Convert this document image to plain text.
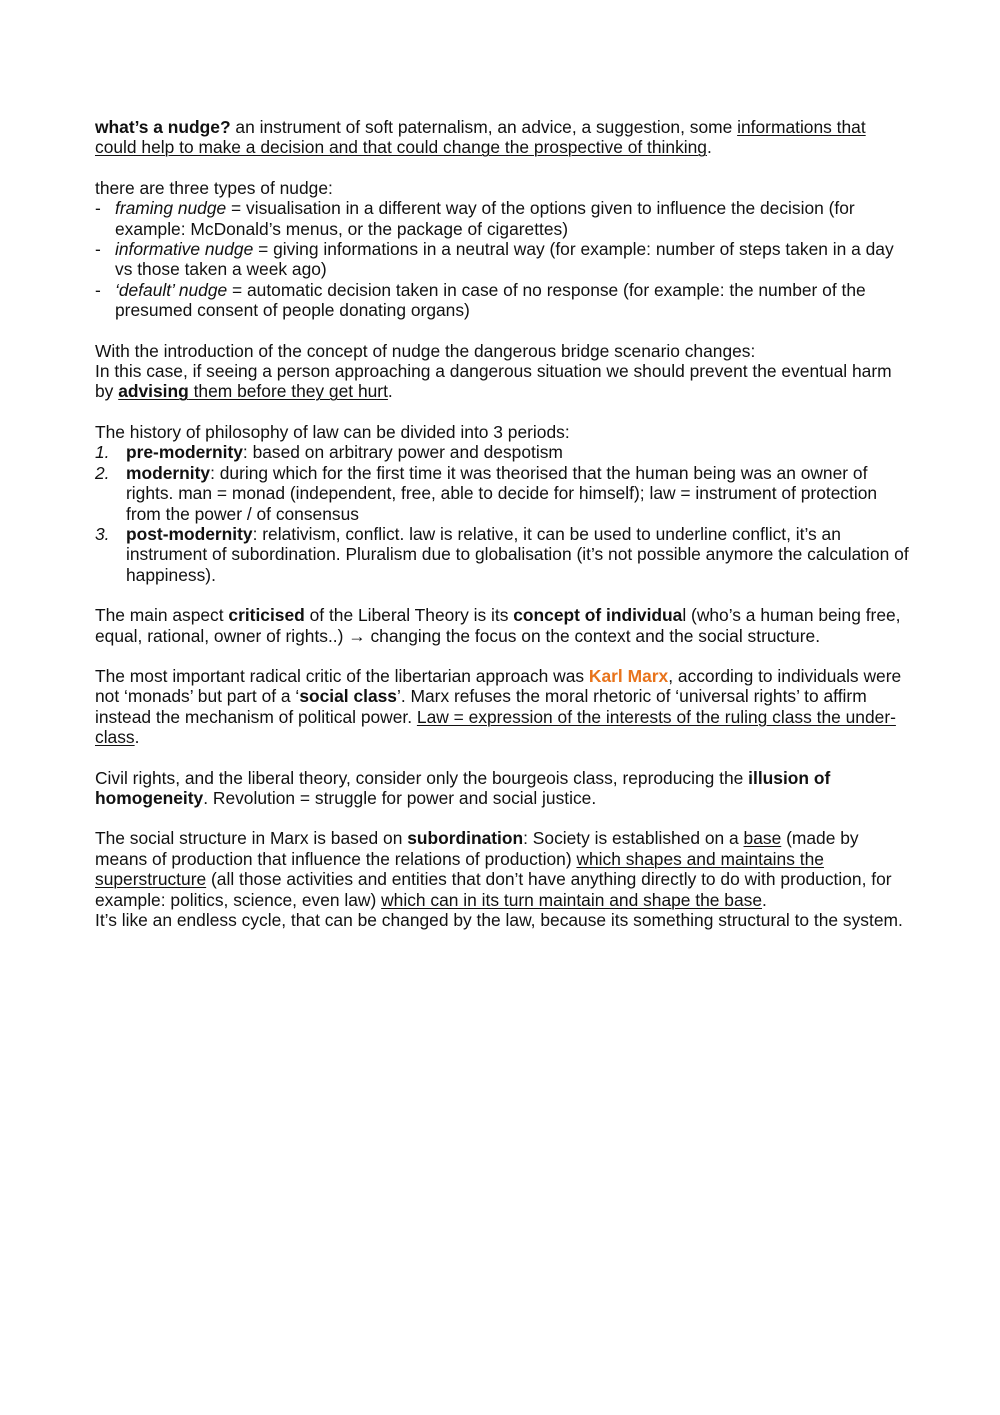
what’s a nudge? an instrument of soft paternalism, an advice, a suggestion, some informations that could help to make a decision and that could change the prospective of thinking.

there are three types of nudge:

- framing nudge = visualisation in a different way of the options given to influence the decision (for example: McDonald’s menus, or the package of cigarettes)
- informative nudge = giving informations in a neutral way (for example: number of steps taken in a day vs those taken a week ago)
- ‘default’ nudge = automatic decision taken in case of no response (for example: the number of the presumed consent of people donating organs)

With the introduction of the concept of nudge the dangerous bridge scenario changes:

In this case, if seeing a person approaching a dangerous situation we should prevent the eventual harm by advising them before they get hurt.

The history of philosophy of law can be divided into 3 periods:

1. pre-modernity: based on arbitrary power and despotism
2. modernity: during which for the first time it was theorised that the human being was an owner of rights. man = monad (independent, free, able to decide for himself); law = instrument of protection from the power / of consensus
3. post-modernity: relativism, conflict. law is relative, it can be used to underline conflict, it’s an instrument of subordination. Pluralism due to globalisation (it’s not possible anymore the calculation of happiness).

The main aspect criticised of the Liberal Theory is its concept of individual (who’s a human being free, equal, rational, owner of rights..) → changing the focus on the context and the social structure.

The most important radical critic of the libertarian approach was Karl Marx, according to individuals were not ‘monads’ but part of a ‘social class’. Marx refuses the moral rhetoric of ‘universal rights’ to affirm instead the mechanism of political power. Law = expression of the interests of the ruling class the under-class.

Civil rights, and the liberal theory, consider only the bourgeois class, reproducing the illusion of homogeneity. Revolution = struggle for power and social justice.

The social structure in Marx is based on subordination: Society is established on a base (made by means of production that influence the relations of production) which shapes and maintains the superstructure (all those activities and entities that don’t have anything directly to do with production, for example: politics, science, even law) which can in its turn maintain and shape the base.

It’s like an endless cycle, that can be changed by the law, because its something structural to the system.
